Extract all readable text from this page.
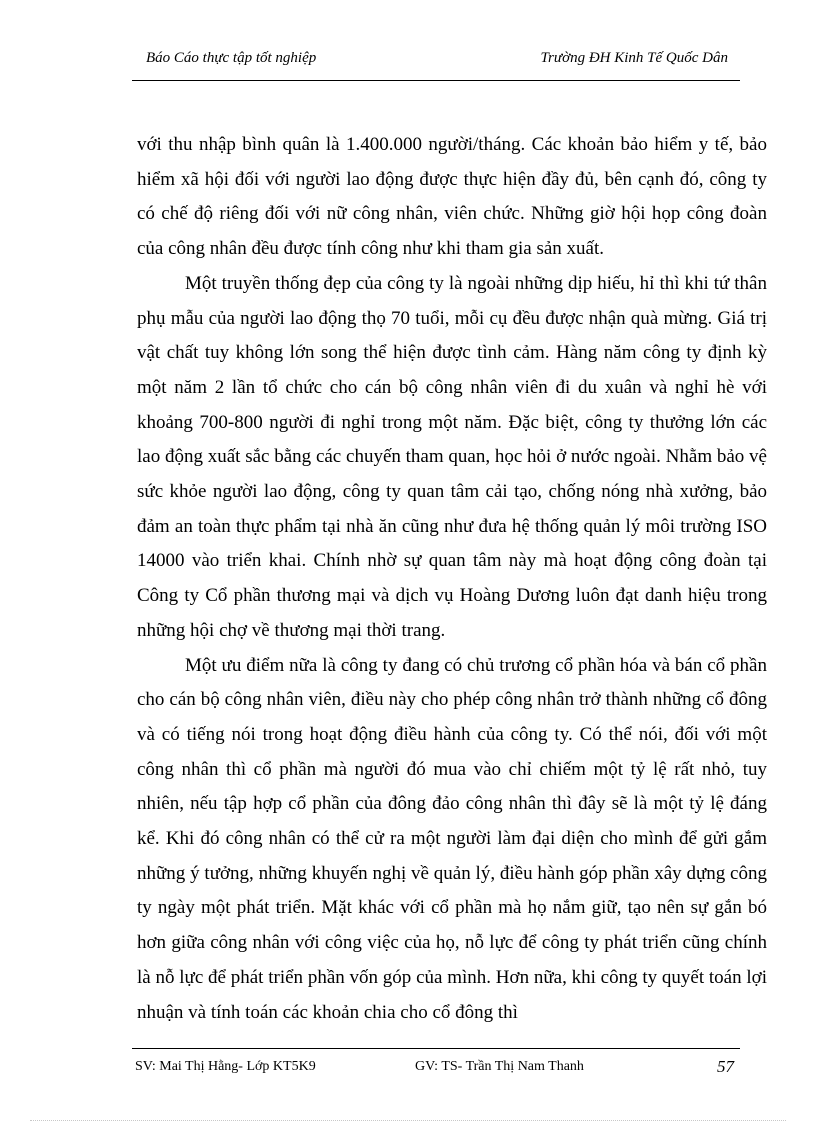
Báo Cáo thực tập tốt nghiệp	Trường ĐH Kinh Tế Quốc Dân

với thu nhập bình quân là 1.400.000 người/tháng. Các khoản bảo hiểm y tế, bảo hiểm xã hội đối với người lao động được thực hiện đầy đủ, bên cạnh đó, công ty có chế độ riêng đối với nữ công nhân, viên chức. Những giờ hội họp công đoàn của công nhân đều được tính công như khi tham gia sản xuất.

Một truyền thống đẹp của công ty là ngoài những dịp hiếu, hỉ thì khi tứ thân phụ mẫu của người lao động thọ 70 tuổi, mỗi cụ đều được nhận quà mừng. Giá trị vật chất tuy không lớn song thể hiện được tình cảm. Hàng năm công ty định kỳ một năm 2 lần tổ chức cho cán bộ công nhân viên đi du xuân và nghỉ hè với khoảng 700-800 người đi nghỉ trong một năm. Đặc biệt, công ty thưởng lớn các lao động xuất sắc bằng các chuyến tham quan, học hỏi ở nước ngoài. Nhằm bảo vệ sức khỏe người lao động, công ty quan tâm cải tạo, chống nóng nhà xưởng, bảo đảm an toàn thực phẩm tại nhà ăn cũng như đưa hệ thống quản lý môi trường ISO 14000 vào triển khai. Chính nhờ sự quan tâm này mà hoạt động công đoàn tại Công ty Cổ phần thương mại và dịch vụ Hoàng Dương luôn đạt danh hiệu trong những hội chợ về thương mại thời trang.

Một ưu điểm nữa là công ty đang có chủ trương cổ phần hóa và bán cổ phần cho cán bộ công nhân viên, điều này cho phép công nhân trở thành những cổ đông và có tiếng nói trong hoạt động điều hành của công ty. Có thể nói, đối với một công nhân thì cổ phần mà người đó mua vào chỉ chiếm một tỷ lệ rất nhỏ, tuy nhiên, nếu tập hợp cổ phần của đông đảo công nhân thì đây sẽ là một tỷ lệ đáng kể. Khi đó công nhân có thể cử ra một người làm đại diện cho mình để gửi gắm những ý tưởng, những khuyến nghị về quản lý, điều hành góp phần xây dựng công ty ngày một phát triển. Mặt khác với cổ phần mà họ nắm giữ, tạo nên sự gắn bó hơn giữa công nhân với công việc của họ, nỗ lực để công ty phát triển cũng chính là nỗ lực để phát triển phần vốn góp của mình. Hơn nữa, khi công ty quyết toán lợi nhuận và tính toán các khoản chia cho cổ đông thì

SV: Mai Thị Hằng- Lớp KT5K9	GV: TS- Trần Thị Nam Thanh	57
